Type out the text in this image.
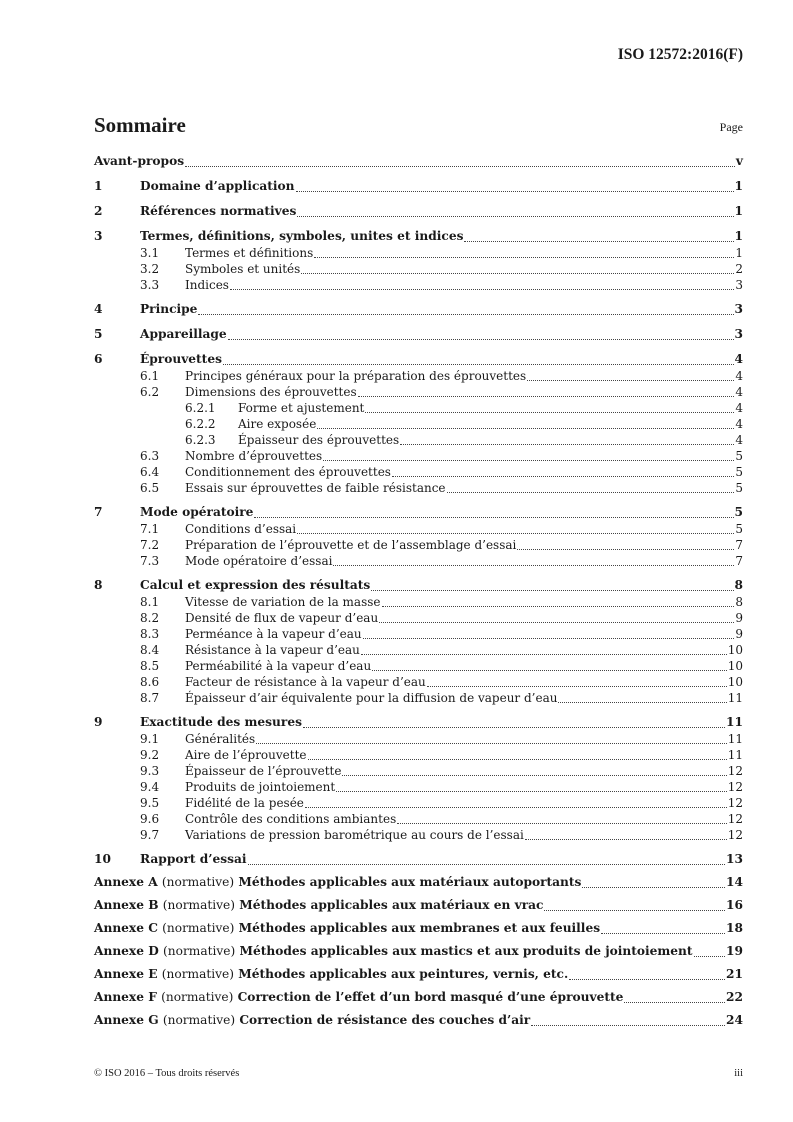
ISO 12572:2016(F)
Sommaire	Page
Avant-propos	v
1	Domaine d’application	1
2	Références normatives	1
3	Termes, définitions, symboles, unites et indices	1
3.1	Termes et définitions	1
3.2	Symboles et unités	2
3.3	Indices	3
4	Principe	3
5	Appareillage	3
6	Éprouvettes	4
6.1	Principes généraux pour la préparation des éprouvettes	4
6.2	Dimensions des éprouvettes	4
6.2.1	Forme et ajustement	4
6.2.2	Aire exposée	4
6.2.3	Épaisseur des éprouvettes	4
6.3	Nombre d’éprouvettes	5
6.4	Conditionnement des éprouvettes	5
6.5	Essais sur éprouvettes de faible résistance	5
7	Mode opératoire	5
7.1	Conditions d’essai	5
7.2	Préparation de l’éprouvette et de l’assemblage d’essai	7
7.3	Mode opératoire d’essai	7
8	Calcul et expression des résultats	8
8.1	Vitesse de variation de la masse	8
8.2	Densité de flux de vapeur d’eau	9
8.3	Perméance à la vapeur d’eau	9
8.4	Résistance à la vapeur d’eau	10
8.5	Perméabilité à la vapeur d’eau	10
8.6	Facteur de résistance à la vapeur d’eau	10
8.7	Épaisseur d’air équivalente pour la diffusion de vapeur d’eau	11
9	Exactitude des mesures	11
9.1	Généralités	11
9.2	Aire de l’éprouvette	11
9.3	Épaisseur de l’éprouvette	12
9.4	Produits de jointoiement	12
9.5	Fidélité de la pesée	12
9.6	Contrôle des conditions ambiantes	12
9.7	Variations de pression barométrique au cours de l’essai	12
10	Rapport d’essai	13
Annexe A (normative) Méthodes applicables aux matériaux autoportants	14
Annexe B (normative) Méthodes applicables aux matériaux en vrac	16
Annexe C (normative) Méthodes applicables aux membranes et aux feuilles	18
Annexe D (normative) Méthodes applicables aux mastics et aux produits de jointoiement	19
Annexe E (normative) Méthodes applicables aux peintures, vernis, etc.	21
Annexe F (normative) Correction de l’effet d’un bord masqué d’une éprouvette	22
Annexe G (normative) Correction de résistance des couches d’air	24
© ISO 2016 – Tous droits réservés	iii
